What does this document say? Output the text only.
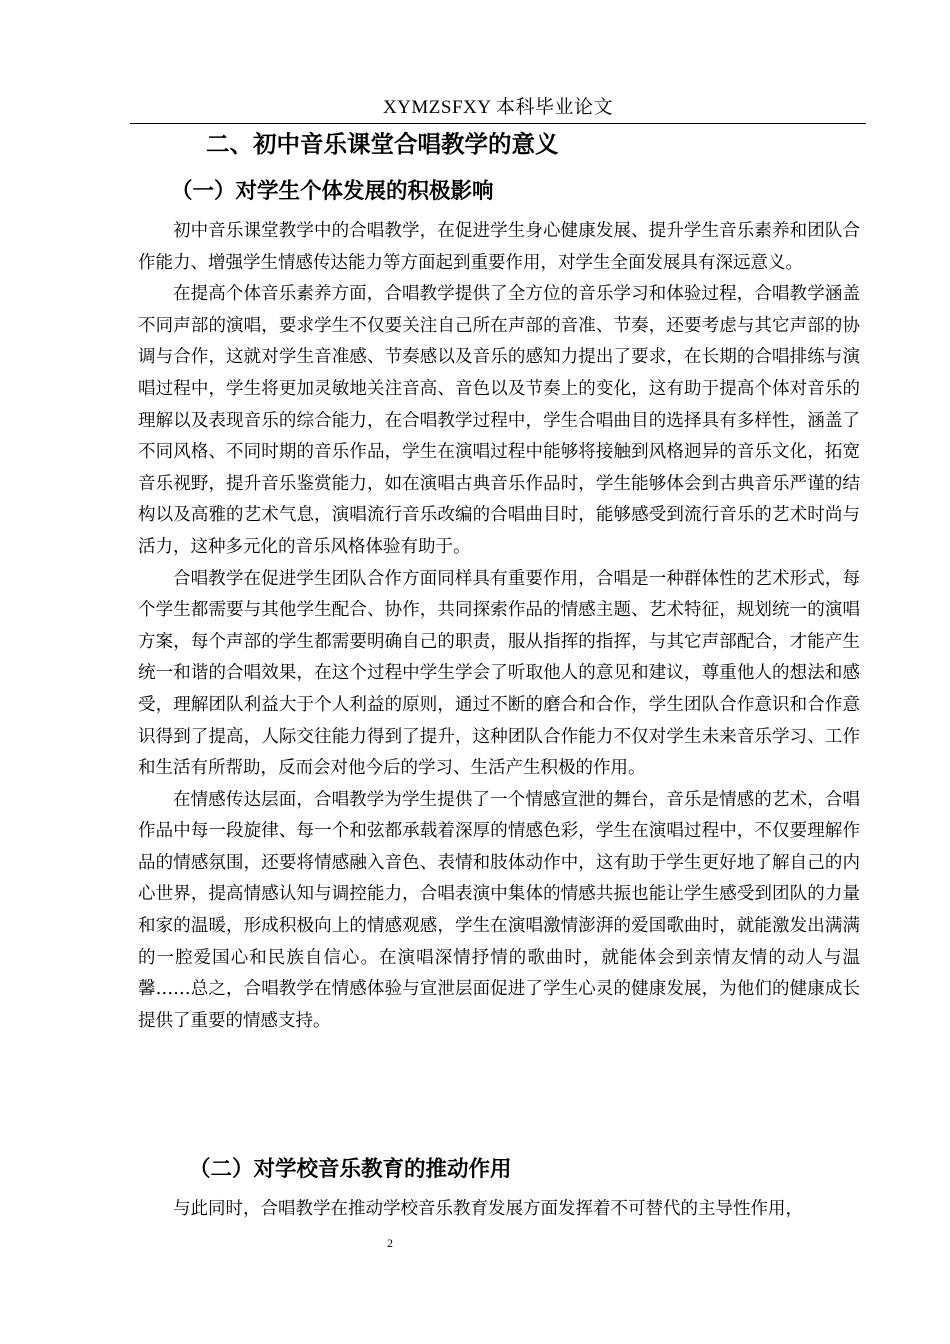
XYMZSFXY 本科毕业论文
二、初中音乐课堂合唱教学的意义
（一）对学生个体发展的积极影响

初中音乐课堂教学中的合唱教学，在促进学生身心健康发展、提升学生音乐素养和团队合作能力、增强学生情感传达能力等方面起到重要作用，对学生全面发展具有深远意义。

在提高个体音乐素养方面，合唱教学提供了全方位的音乐学习和体验过程，合唱教学涵盖不同声部的演唱，要求学生不仅要关注自己所在声部的音准、节奏，还要考虑与其它声部的协调与合作，这就对学生音准感、节奏感以及音乐的感知力提出了要求，在长期的合唱排练与演唱过程中，学生将更加灵敏地关注音高、音色以及节奏上的变化，这有助于提高个体对音乐的理解以及表现音乐的综合能力，在合唱教学过程中，学生合唱曲目的选择具有多样性，涵盖了不同风格、不同时期的音乐作品，学生在演唱过程中能够将接触到风格迥异的音乐文化，拓宽音乐视野，提升音乐鉴赏能力，如在演唱古典音乐作品时，学生能够体会到古典音乐严谨的结构以及高雅的艺术气息，演唱流行音乐改编的合唱曲目时，能够感受到流行音乐的艺术时尚与活力，这种多元化的音乐风格体验有助于。

合唱教学在促进学生团队合作方面同样具有重要作用，合唱是一种群体性的艺术形式，每个学生都需要与其他学生配合、协作，共同探索作品的情感主题、艺术特征，规划统一的演唱方案，每个声部的学生都需要明确自己的职责，服从指挥的指挥，与其它声部配合，才能产生统一和谐的合唱效果，在这个过程中学生学会了听取他人的意见和建议，尊重他人的想法和感受，理解团队利益大于个人利益的原则，通过不断的磨合和合作，学生团队合作意识和合作意识得到了提高，人际交往能力得到了提升，这种团队合作能力不仅对学生未来音乐学习、工作和生活有所帮助，反而会对他今后的学习、生活产生积极的作用。

在情感传达层面，合唱教学为学生提供了一个情感宣泄的舞台，音乐是情感的艺术，合唱作品中每一段旋律、每一个和弦都承载着深厚的情感色彩，学生在演唱过程中，不仅要理解作品的情感氛围，还要将情感融入音色、表情和肢体动作中，这有助于学生更好地了解自己的内心世界，提高情感认知与调控能力，合唱表演中集体的情感共振也能让学生感受到团队的力量和家的温暖，形成积极向上的情感观感，学生在演唱激情澎湃的爱国歌曲时，就能激发出满满的一腔爱国心和民族自信心。在演唱深情抒情的歌曲时，就能体会到亲情友情的动人与温馨……总之，合唱教学在情感体验与宣泄层面促进了学生心灵的健康发展，为他们的健康成长提供了重要的情感支持。

（二）对学校音乐教育的推动作用

与此同时，合唱教学在推动学校音乐教育发展方面发挥着不可替代的主导性作用，

2
